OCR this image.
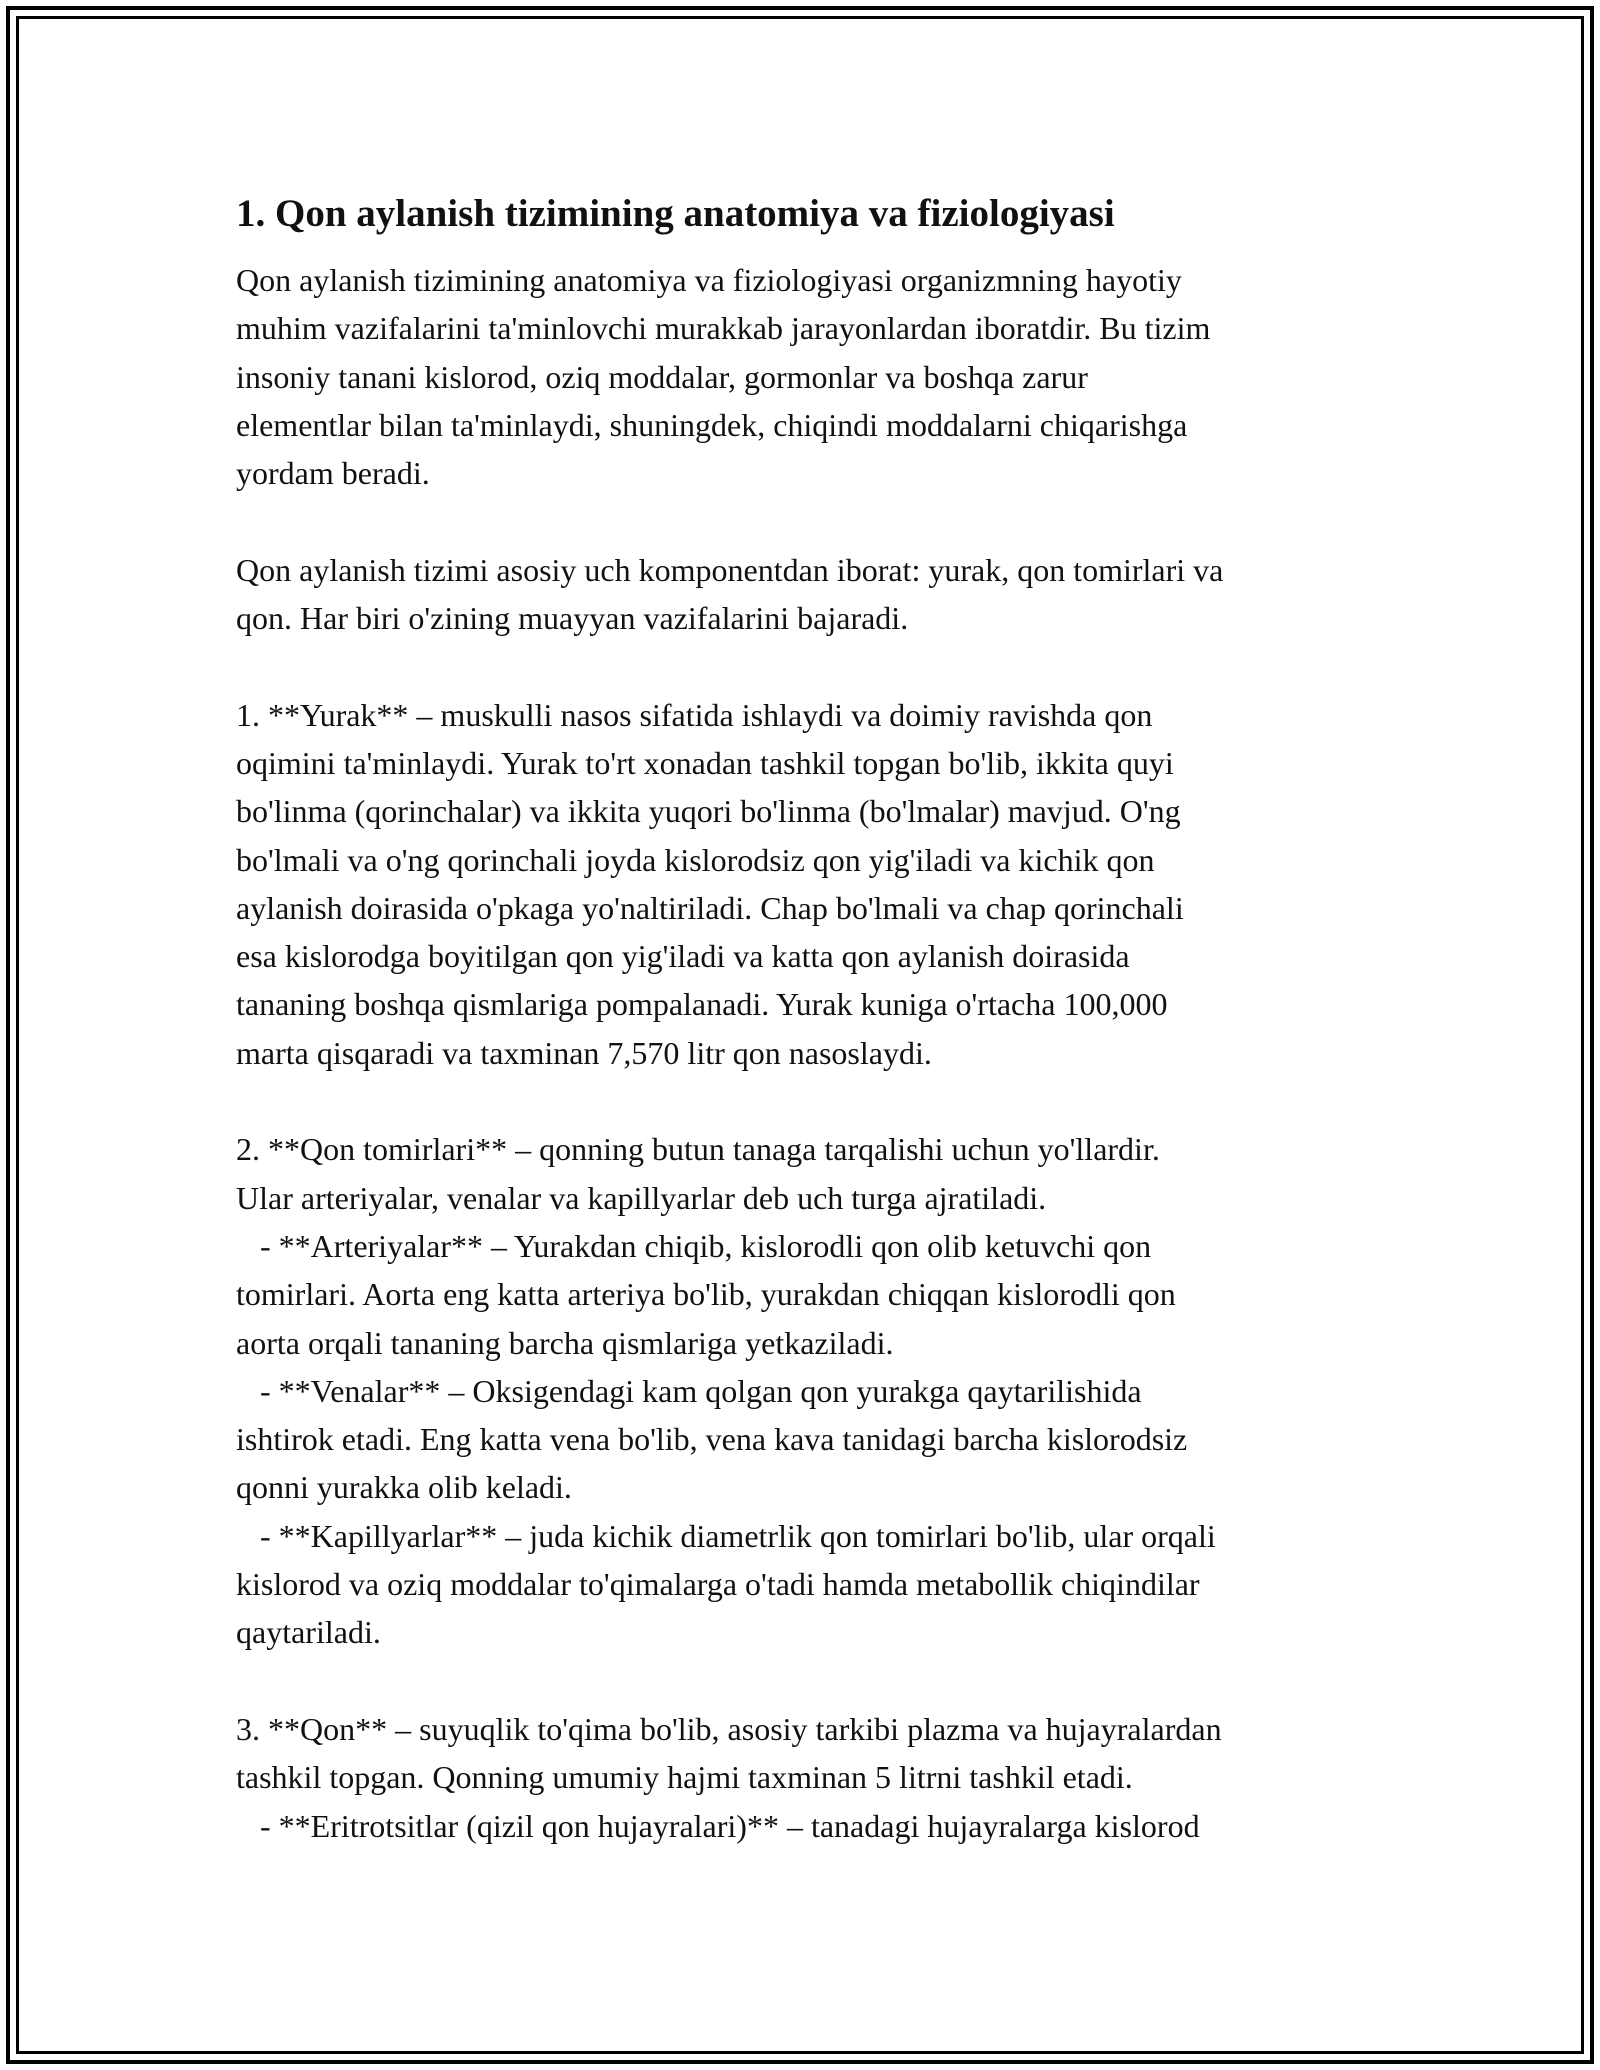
1. Qon aylanish tizimining anatomiya va fiziologiyasi
Qon aylanish tizimining anatomiya va fiziologiyasi organizmning hayotiy
muhim vazifalarini ta'minlovchi murakkab jarayonlardan iboratdir. Bu tizim
insoniy tanani kislorod, oziq moddalar, gormonlar va boshqa zarur
elementlar bilan ta'minlaydi, shuningdek, chiqindi moddalarni chiqarishga
yordam beradi.
Qon aylanish tizimi asosiy uch komponentdan iborat: yurak, qon tomirlari va
qon. Har biri o'zining muayyan vazifalarini bajaradi.
1. **Yurak** – muskulli nasos sifatida ishlaydi va doimiy ravishda qon
oqimini ta'minlaydi. Yurak to'rt xonadan tashkil topgan bo'lib, ikkita quyi
bo'linma (qorinchalar) va ikkita yuqori bo'linma (bo'lmalar) mavjud. O'ng
bo'lmali va o'ng qorinchali joyda kislorodsiz qon yig'iladi va kichik qon
aylanish doirasida o'pkaga yo'naltiriladi. Chap bo'lmali va chap qorinchali
esa kislorodga boyitilgan qon yig'iladi va katta qon aylanish doirasida
tananing boshqa qismlariga pompalanadi. Yurak kuniga o'rtacha 100,000
marta qisqaradi va taxminan 7,570 litr qon nasoslaydi.
2. **Qon tomirlari** – qonning butun tanaga tarqalishi uchun yo'llardir.
Ular arteriyalar, venalar va kapillyarlar deb uch turga ajratiladi.
- **Arteriyalar** – Yurakdan chiqib, kislorodli qon olib ketuvchi qon
tomirlari. Aorta eng katta arteriya bo'lib, yurakdan chiqqan kislorodli qon
aorta orqali tananing barcha qismlariga yetkaziladi.
- **Venalar** – Oksigendagi kam qolgan qon yurakga qaytarilishida
ishtirok etadi. Eng katta vena bo'lib, vena kava tanidagi barcha kislorodsiz
qonni yurakka olib keladi.
- **Kapillyarlar** – juda kichik diametrlik qon tomirlari bo'lib, ular orqali
kislorod va oziq moddalar to'qimalarga o'tadi hamda metabollik chiqindilar
qaytariladi.
3. **Qon** – suyuqlik to'qima bo'lib, asosiy tarkibi plazma va hujayralardan
tashkil topgan. Qonning umumiy hajmi taxminan 5 litrni tashkil etadi.
- **Eritrotsitlar (qizil qon hujayralari)** – tanadagi hujayralarga kislorod
